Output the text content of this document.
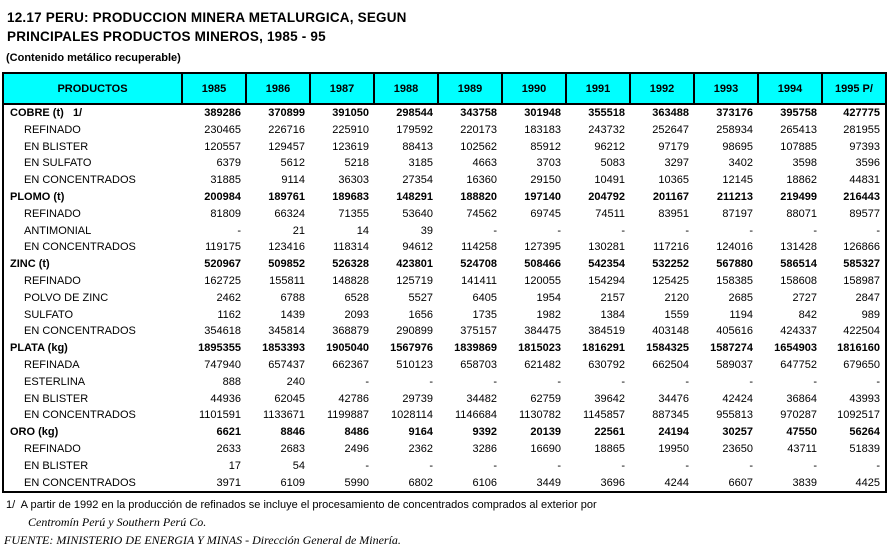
12.17 PERU: PRODUCCION MINERA METALURGICA, SEGUN
PRINCIPALES PRODUCTOS MINEROS, 1985 - 95
(Contenido metálico recuperable)
PRODUCTOS	1985	1986	1987	1988	1989	1990	1991	1992	1993	1994	1995 P/
COBRE (t)   1/	389286	370899	391050	298544	343758	301948	355518	363488	373176	395758	427775
REFINADO	230465	226716	225910	179592	220173	183183	243732	252647	258934	265413	281955
EN BLISTER	120557	129457	123619	88413	102562	85912	96212	97179	98695	107885	97393
EN SULFATO	6379	5612	5218	3185	4663	3703	5083	3297	3402	3598	3596
EN CONCENTRADOS	31885	9114	36303	27354	16360	29150	10491	10365	12145	18862	44831
PLOMO (t)	200984	189761	189683	148291	188820	197140	204792	201167	211213	219499	216443
REFINADO	81809	66324	71355	53640	74562	69745	74511	83951	87197	88071	89577
ANTIMONIAL	-	21	14	39	-	-	-	-	-	-	-
EN CONCENTRADOS	119175	123416	118314	94612	114258	127395	130281	117216	124016	131428	126866
ZINC (t)	520967	509852	526328	423801	524708	508466	542354	532252	567880	586514	585327
REFINADO	162725	155811	148828	125719	141411	120055	154294	125425	158385	158608	158987
POLVO DE ZINC	2462	6788	6528	5527	6405	1954	2157	2120	2685	2727	2847
SULFATO	1162	1439	2093	1656	1735	1982	1384	1559	1194	842	989
EN CONCENTRADOS	354618	345814	368879	290899	375157	384475	384519	403148	405616	424337	422504
PLATA (kg)	1895355	1853393	1905040	1567976	1839869	1815023	1816291	1584325	1587274	1654903	1816160
REFINADA	747940	657437	662367	510123	658703	621482	630792	662504	589037	647752	679650
ESTERLINA	888	240	-	-	-	-	-	-	-	-	-
EN BLISTER	44936	62045	42786	29739	34482	62759	39642	34476	42424	36864	43993
EN CONCENTRADOS	1101591	1133671	1199887	1028114	1146684	1130782	1145857	887345	955813	970287	1092517
ORO (kg)	6621	8846	8486	9164	9392	20139	22561	24194	30257	47550	56264
REFINADO	2633	2683	2496	2362	3286	16690	18865	19950	23650	43711	51839
EN BLISTER	17	54	-	-	-	-	-	-	-	-	-
EN CONCENTRADOS	3971	6109	5990	6802	6106	3449	3696	4244	6607	3839	4425
1/  A partir de 1992 en la producción de refinados se incluye el procesamiento de concentrados comprados al exterior por
Centromín Perú y Southern Perú Co.
FUENTE: MINISTERIO DE ENERGIA Y MINAS - Dirección General de Minería.
